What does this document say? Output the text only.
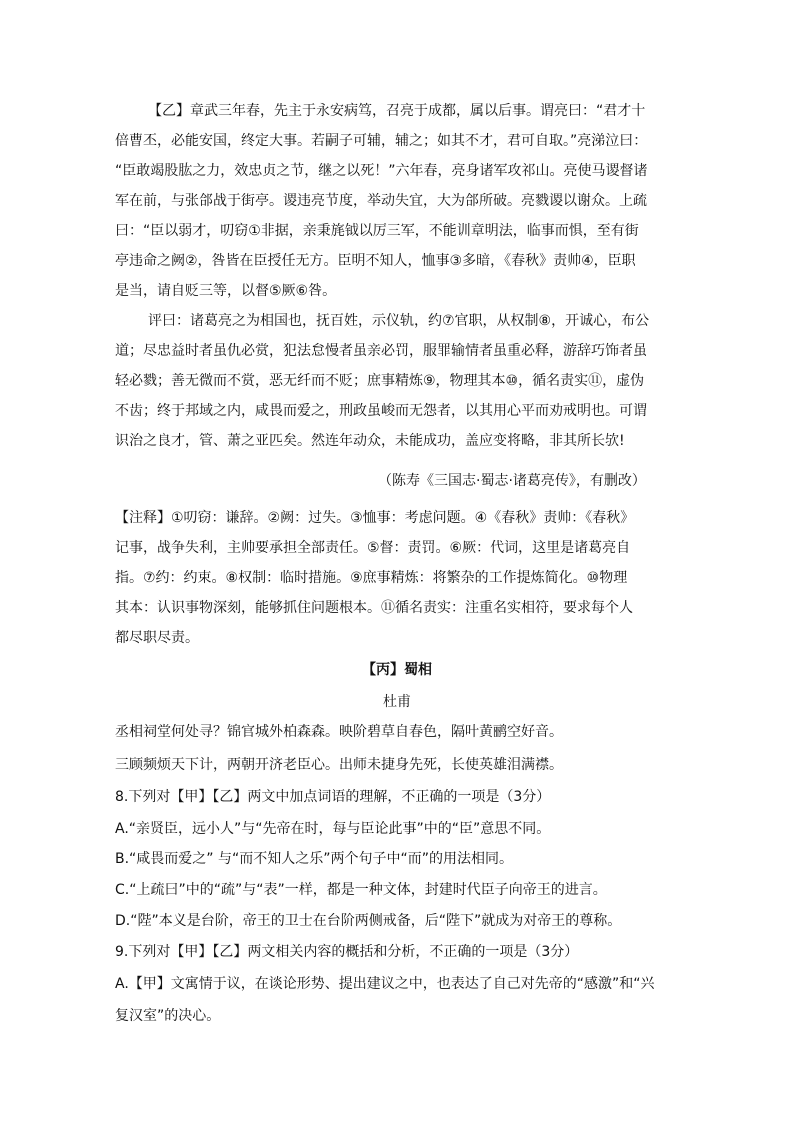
【乙】章武三年春，先主于永安病笃，召亮于成都，属以后事。谓亮曰：“君才十
倍曹丕，必能安国，终定大事。若嗣子可辅，辅之；如其不才，君可自取。”亮涕泣曰：
“臣敢竭股肱之力，效忠贞之节，继之以死！”六年春，亮身诸军攻祁山。亮使马谡督诸
军在前，与张郃战于街亭。谡违亮节度，举动失宜，大为郃所破。亮戮谡以谢众。上疏
曰：“臣以弱才，叨窃①非据，亲秉旄钺以厉三军，不能训章明法，临事而惧，至有街
亭违命之阙②，咎皆在臣授任无方。臣明不知人，恤事③多暗，《春秋》责帅④，臣职
是当，请自贬三等，以督⑤厥⑥咎。
评曰：诸葛亮之为相国也，抚百姓，示仪轨，约⑦官职，从权制⑧，开诚心，布公
道；尽忠益时者虽仇必赏，犯法怠慢者虽亲必罚，服罪输情者虽重必释，游辞巧饰者虽
轻必戮；善无微而不赏，恶无纤而不贬；庶事精炼⑨，物理其本⑩，循名责实⑪，虚伪
不齿；终于邦域之内，咸畏而爱之，刑政虽峻而无怨者，以其用心平而劝戒明也。可谓
识治之良才，管、萧之亚匹矣。然连年动众，未能成功，盖应变将略，非其所长欤!
（陈寿《三国志·蜀志·诸葛亮传》，有删改）
【注释】①叨窃：谦辞。②阙：过失。③恤事：考虑问题。④《春秋》责帅：《春秋》
记事，战争失利，主帅要承担全部责任。⑤督：责罚。⑥厥：代词，这里是诸葛亮自
指。⑦约：约束。⑧权制：临时措施。⑨庶事精炼：将繁杂的工作提炼简化。⑩物理
其本：认识事物深刻，能够抓住问题根本。⑪循名责实：注重名实相符，要求每个人
都尽职尽责。
【丙】蜀相
杜甫
丞相祠堂何处寻？锦官城外柏森森。映阶碧草自春色，隔叶黄鹂空好音。
三顾频烦天下计，两朝开济老臣心。出师未捷身先死，长使英雄泪满襟。
8.下列对【甲】【乙】两文中加点词语的理解，不正确的一项是（3分）
A.“亲贤臣，远小人”与“先帝在时，每与臣论此事”中的“臣”意思不同。
B.“咸畏而爱之” 与“而不知人之乐”两个句子中“而”的用法相同。
C.“上疏曰”中的“疏”与“表”一样，都是一种文体，封建时代臣子向帝王的进言。
D.“陛”本义是台阶，帝王的卫士在台阶两侧戒备，后“陛下”就成为对帝王的尊称。
9.下列对【甲】【乙】两文相关内容的概括和分析，不正确的一项是（3分）
A.【甲】文寓情于议，在谈论形势、提出建议之中，也表达了自己对先帝的“感激”和“兴
复汉室”的决心。
